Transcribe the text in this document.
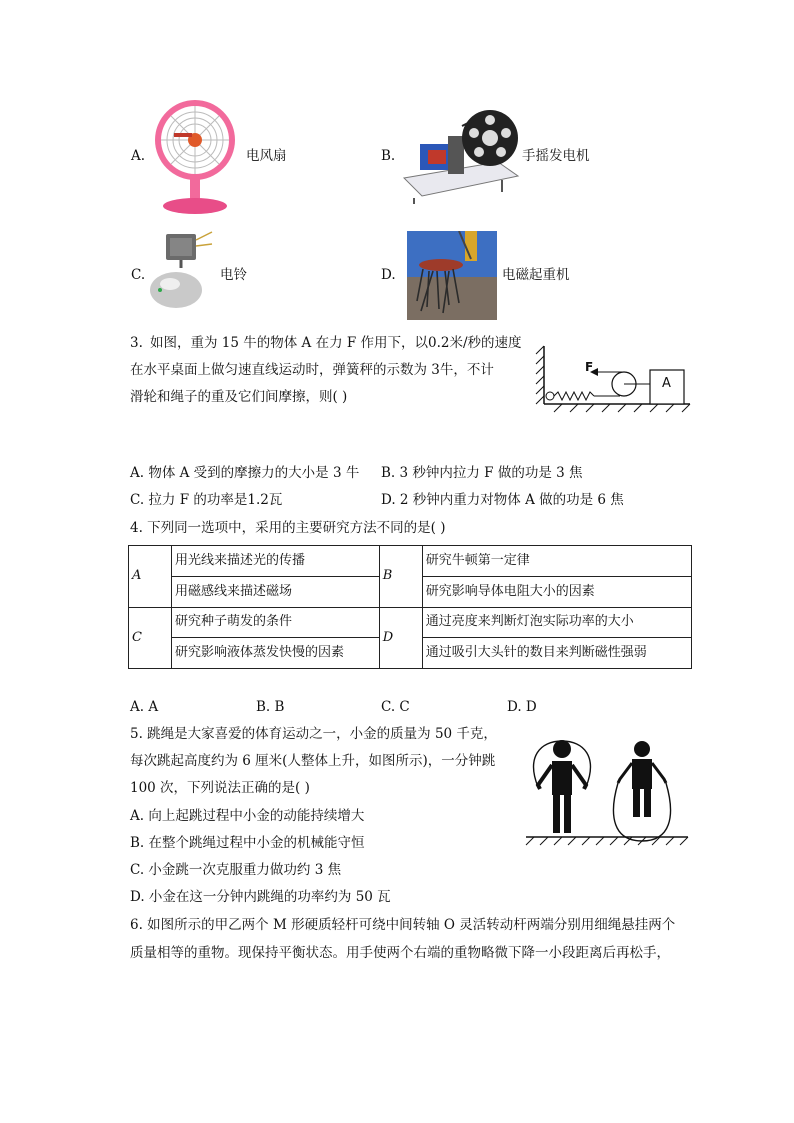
A.	电风扇	B.	手摇发电机
C.	电铃	D.	电磁起重机
3. 如图，重为 15 牛的物体 A 在力 F 作用下，以0.2米/秒的速度
在水平桌面上做匀速直线运动时，弹簧秤的示数为 3牛，不计
滑轮和绳子的重及它们间摩擦，则( )
F
A
A. 物体 A 受到的摩擦力的大小是 3 牛 B. 3 秒钟内拉力 F 做的功是 3 焦
C. 拉力 F 的功率是1.2瓦	D. 2 秒钟内重力对物体 A 做的功是 6 焦
4. 下列同一选项中，采用的主要研究方法不同的是( )
A	用光线来描述光的传播	B	研究牛顿第一定律
	用磁感线来描述磁场		研究影响导体电阻大小的因素
C	研究种子萌发的条件	D	通过亮度来判断灯泡实际功率的大小
	研究影响液体蒸发快慢的因素		通过吸引大头针的数目来判断磁性强弱
A. A	B. B	C. C	D. D
5. 跳绳是大家喜爱的体育运动之一，小金的质量为 50 千克，
每次跳起高度约为 6 厘米(人整体上升，如图所示)，一分钟跳
100 次，下列说法正确的是( )
A. 向上起跳过程中小金的动能持续增大
B. 在整个跳绳过程中小金的机械能守恒
C. 小金跳一次克服重力做功约 3 焦
D. 小金在这一分钟内跳绳的功率约为 50 瓦
6. 如图所示的甲乙两个 M 形硬质轻杆可绕中间转轴 O 灵活转动杆两端分别用细绳悬挂两个
质量相等的重物。现保持平衡状态。用手使两个右端的重物略微下降一小段距离后再松手，
